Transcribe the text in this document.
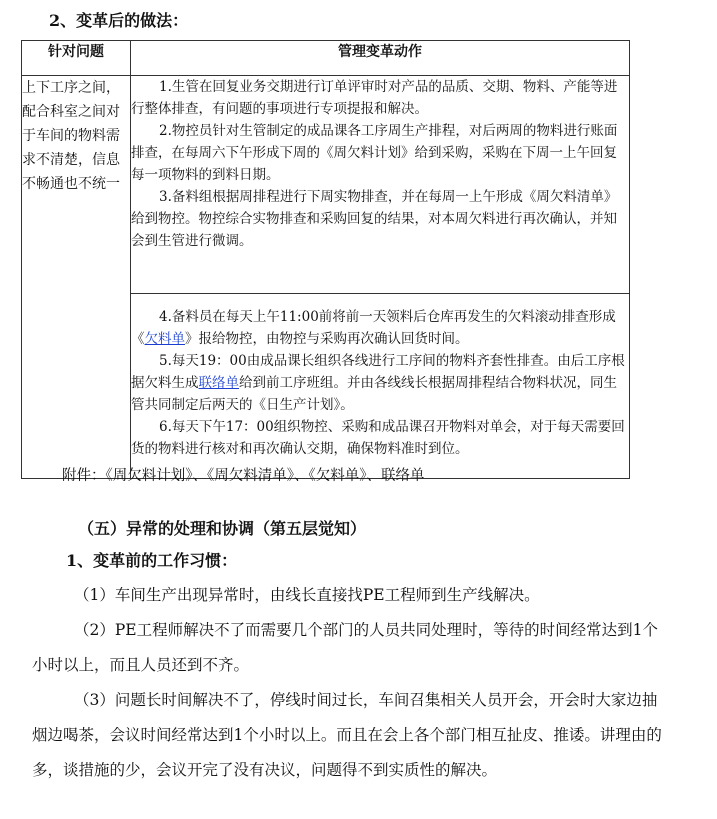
2、变革后的做法：
针对问题	管理变革动作
上下工序之间，配合科室之间对于车间的物料需求不清楚，信息不畅通也不统一	1.生管在回复业务交期进行订单评审时对产品的品质、交期、物料、产能等进行整体排查，有问题的事项进行专项提报和解决。

2.物控员针对生管制定的成品课各工序周生产排程，对后两周的物料进行账面排查，在每周六下午形成下周的《周欠料计划》给到采购，采购在下周一上午回复每一项物料的到料日期。

3.备料组根据周排程进行下周实物排查，并在每周一上午形成《周欠料清单》给到物控。物控综合实物排查和采购回复的结果，对本周欠料进行再次确认，并知会到生管进行微调。

	4.备料员在每天上午11:00前将前一天领料后仓库再发生的欠料滚动排查形成《欠料单》报给物控，由物控与采购再次确认回货时间。

5.每天19：00由成品课长组织各线进行工序间的物料齐套性排查。由后工序根据欠料生成联络单给到前工序班组。并由各线线长根据周排程结合物料状况，同生管共同制定后两天的《日生产计划》。

6.每天下午17：00组织物控、采购和成品课召开物料对单会，对于每天需要回货的物料进行核对和再次确认交期，确保物料准时到位。

附件：《周欠料计划》、《周欠料清单》、《欠料单》、联络单
（五）异常的处理和协调（第五层觉知）
1、变革前的工作习惯：

（1）车间生产出现异常时，由线长直接找PE工程师到生产线解决。

（2）PE工程师解决不了而需要几个部门的人员共同处理时，等待的时间经常达到1个小时以上，而且人员还到不齐。

（3）问题长时间解决不了，停线时间过长，车间召集相关人员开会，开会时大家边抽烟边喝茶，会议时间经常达到1个小时以上。而且在会上各个部门相互扯皮、推诿。讲理由的多，谈措施的少，会议开完了没有决议，问题得不到实质性的解决。
